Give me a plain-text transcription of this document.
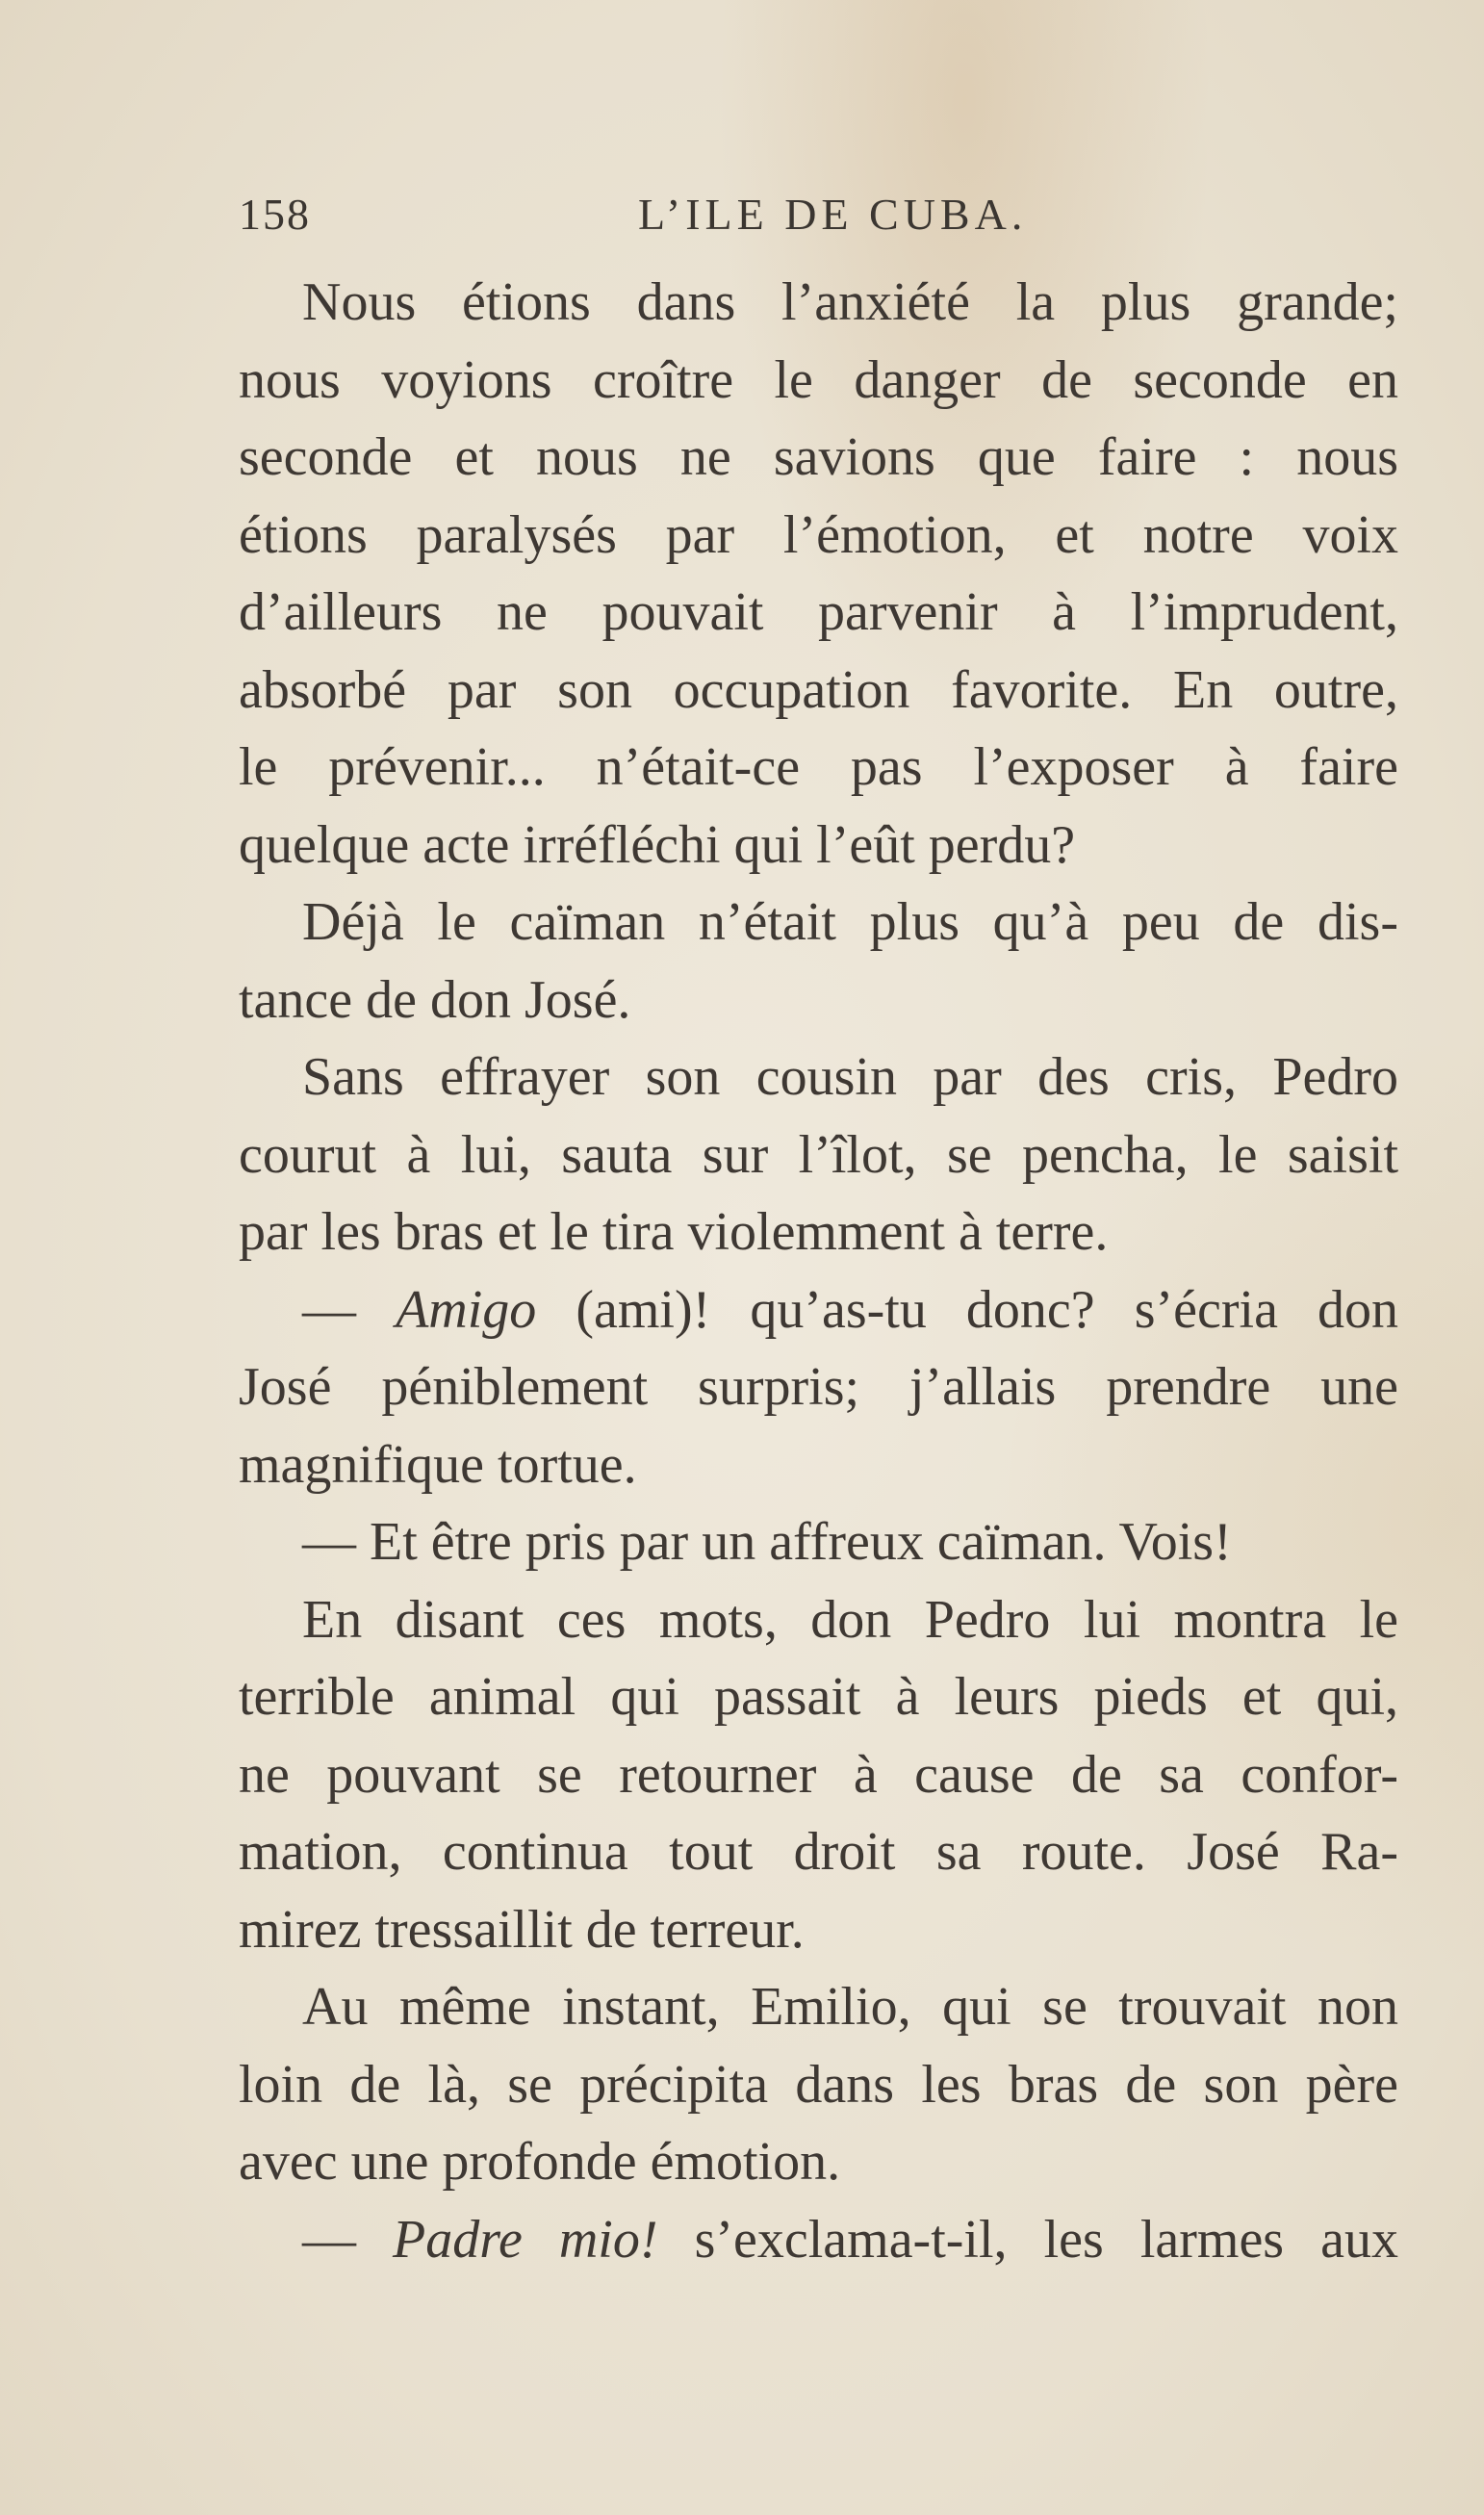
158	L’ILE DE CUBA.
Nous étions dans l’anxiété la plus grande;
nous voyions croître le danger de seconde en
seconde et nous ne savions que faire : nous
étions paralysés par l’émotion, et notre voix
d’ailleurs ne pouvait parvenir à l’imprudent,
absorbé par son occupation favorite. En outre,
le prévenir... n’était-ce pas l’exposer à faire
quelque acte irréfléchi qui l’eût perdu?
Déjà le caïman n’était plus qu’à peu de dis-
tance de don José.
Sans effrayer son cousin par des cris, Pedro
courut à lui, sauta sur l’îlot, se pencha, le saisit
par les bras et le tira violemment à terre.
— Amigo (ami)! qu’as-tu donc? s’écria don
José péniblement surpris; j’allais prendre une
magnifique tortue.
— Et être pris par un affreux caïman. Vois!
En disant ces mots, don Pedro lui montra le
terrible animal qui passait à leurs pieds et qui,
ne pouvant se retourner à cause de sa confor-
mation, continua tout droit sa route. José Ra-
mirez tressaillit de terreur.
Au même instant, Emilio, qui se trouvait non
loin de là, se précipita dans les bras de son père
avec une profonde émotion.
— Padre mio! s’exclama-t-il, les larmes aux
